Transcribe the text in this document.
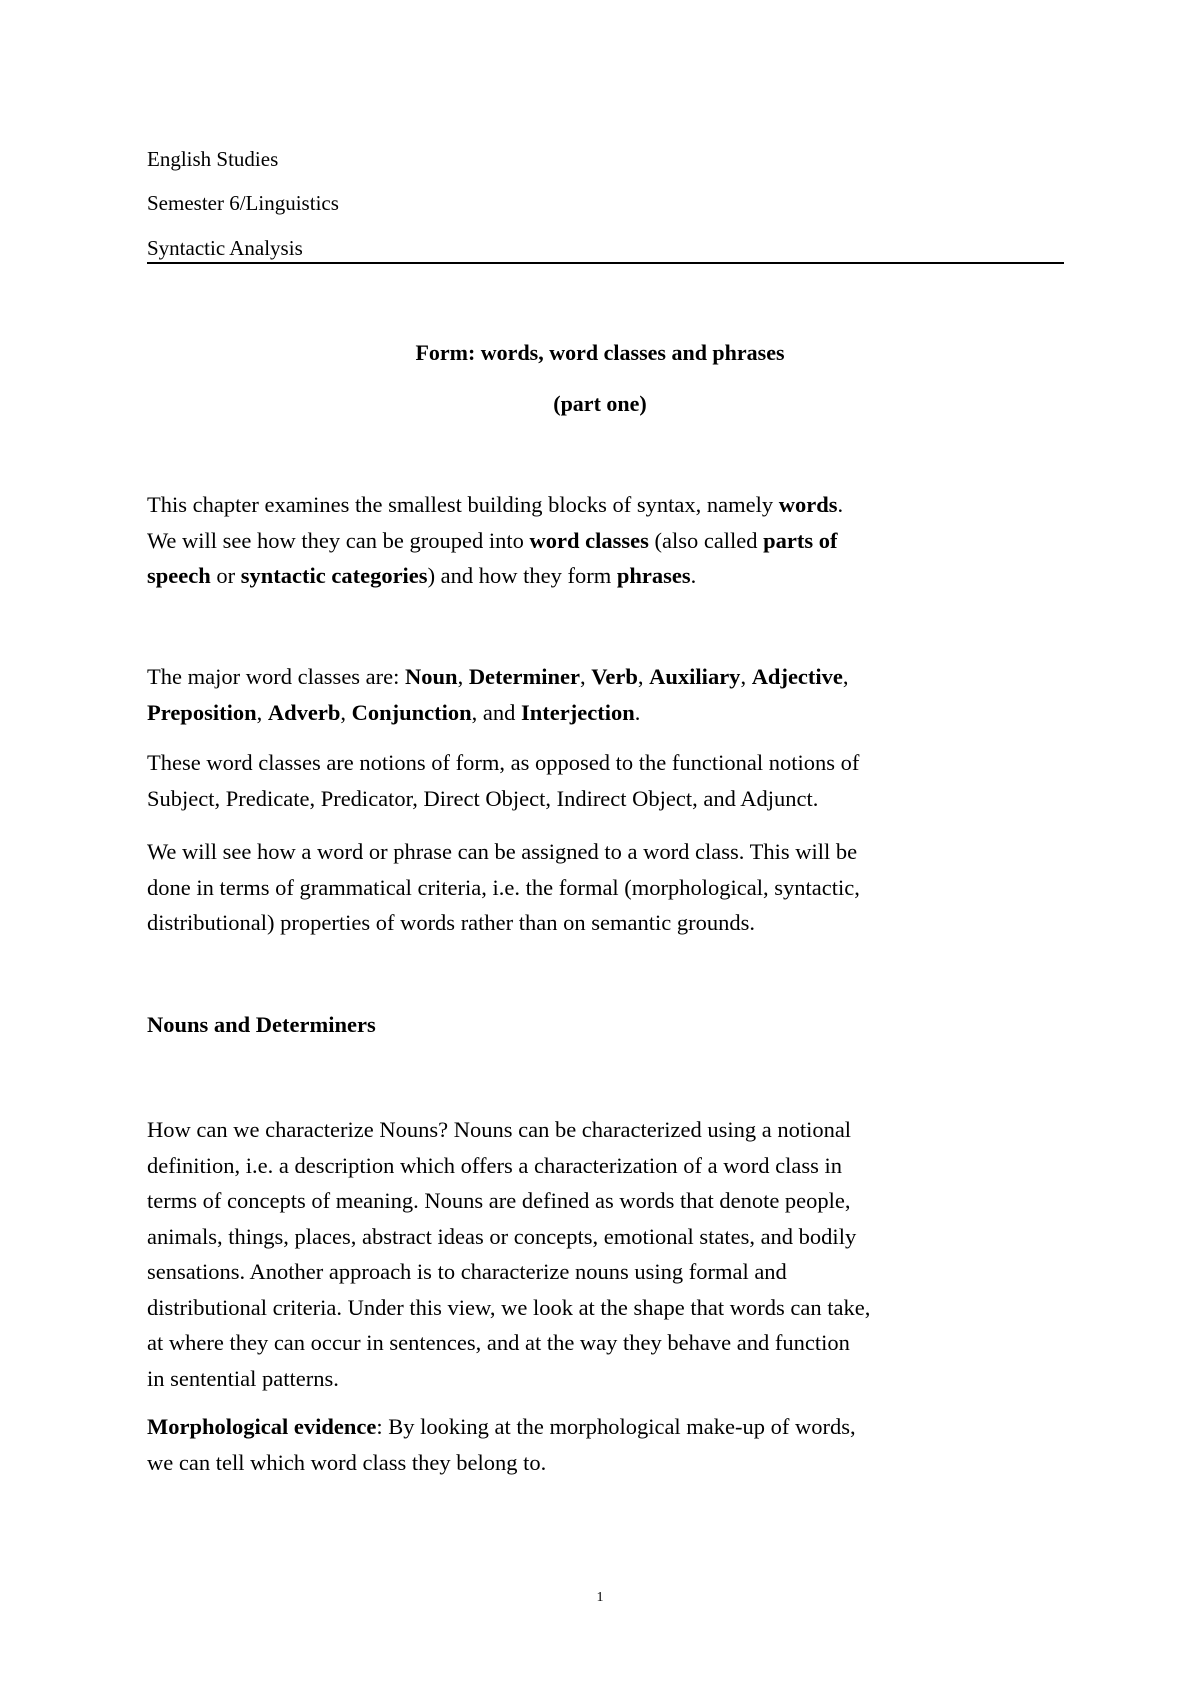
English Studies
Semester 6/Linguistics
Syntactic Analysis
Form: words, word classes and phrases
(part one)
This chapter examines the smallest building blocks of syntax, namely words.
We will see how they can be grouped into word classes (also called parts of
speech or syntactic categories) and how they form phrases.
The major word classes are: Noun, Determiner, Verb, Auxiliary, Adjective,
Preposition, Adverb, Conjunction, and Interjection.
These word classes are notions of form, as opposed to the functional notions of
Subject, Predicate, Predicator, Direct Object, Indirect Object, and Adjunct.
We will see how a word or phrase can be assigned to a word class. This will be
done in terms of grammatical criteria, i.e. the formal (morphological, syntactic,
distributional) properties of words rather than on semantic grounds.
Nouns and Determiners
How can we characterize Nouns? Nouns can be characterized using a notional
definition, i.e. a description which offers a characterization of a word class in
terms of concepts of meaning. Nouns are defined as words that denote people,
animals, things, places, abstract ideas or concepts, emotional states, and bodily
sensations. Another approach is to characterize nouns using formal and
distributional criteria. Under this view, we look at the shape that words can take,
at where they can occur in sentences, and at the way they behave and function
in sentential patterns.
Morphological evidence: By looking at the morphological make-up of words,
we can tell which word class they belong to.
1
